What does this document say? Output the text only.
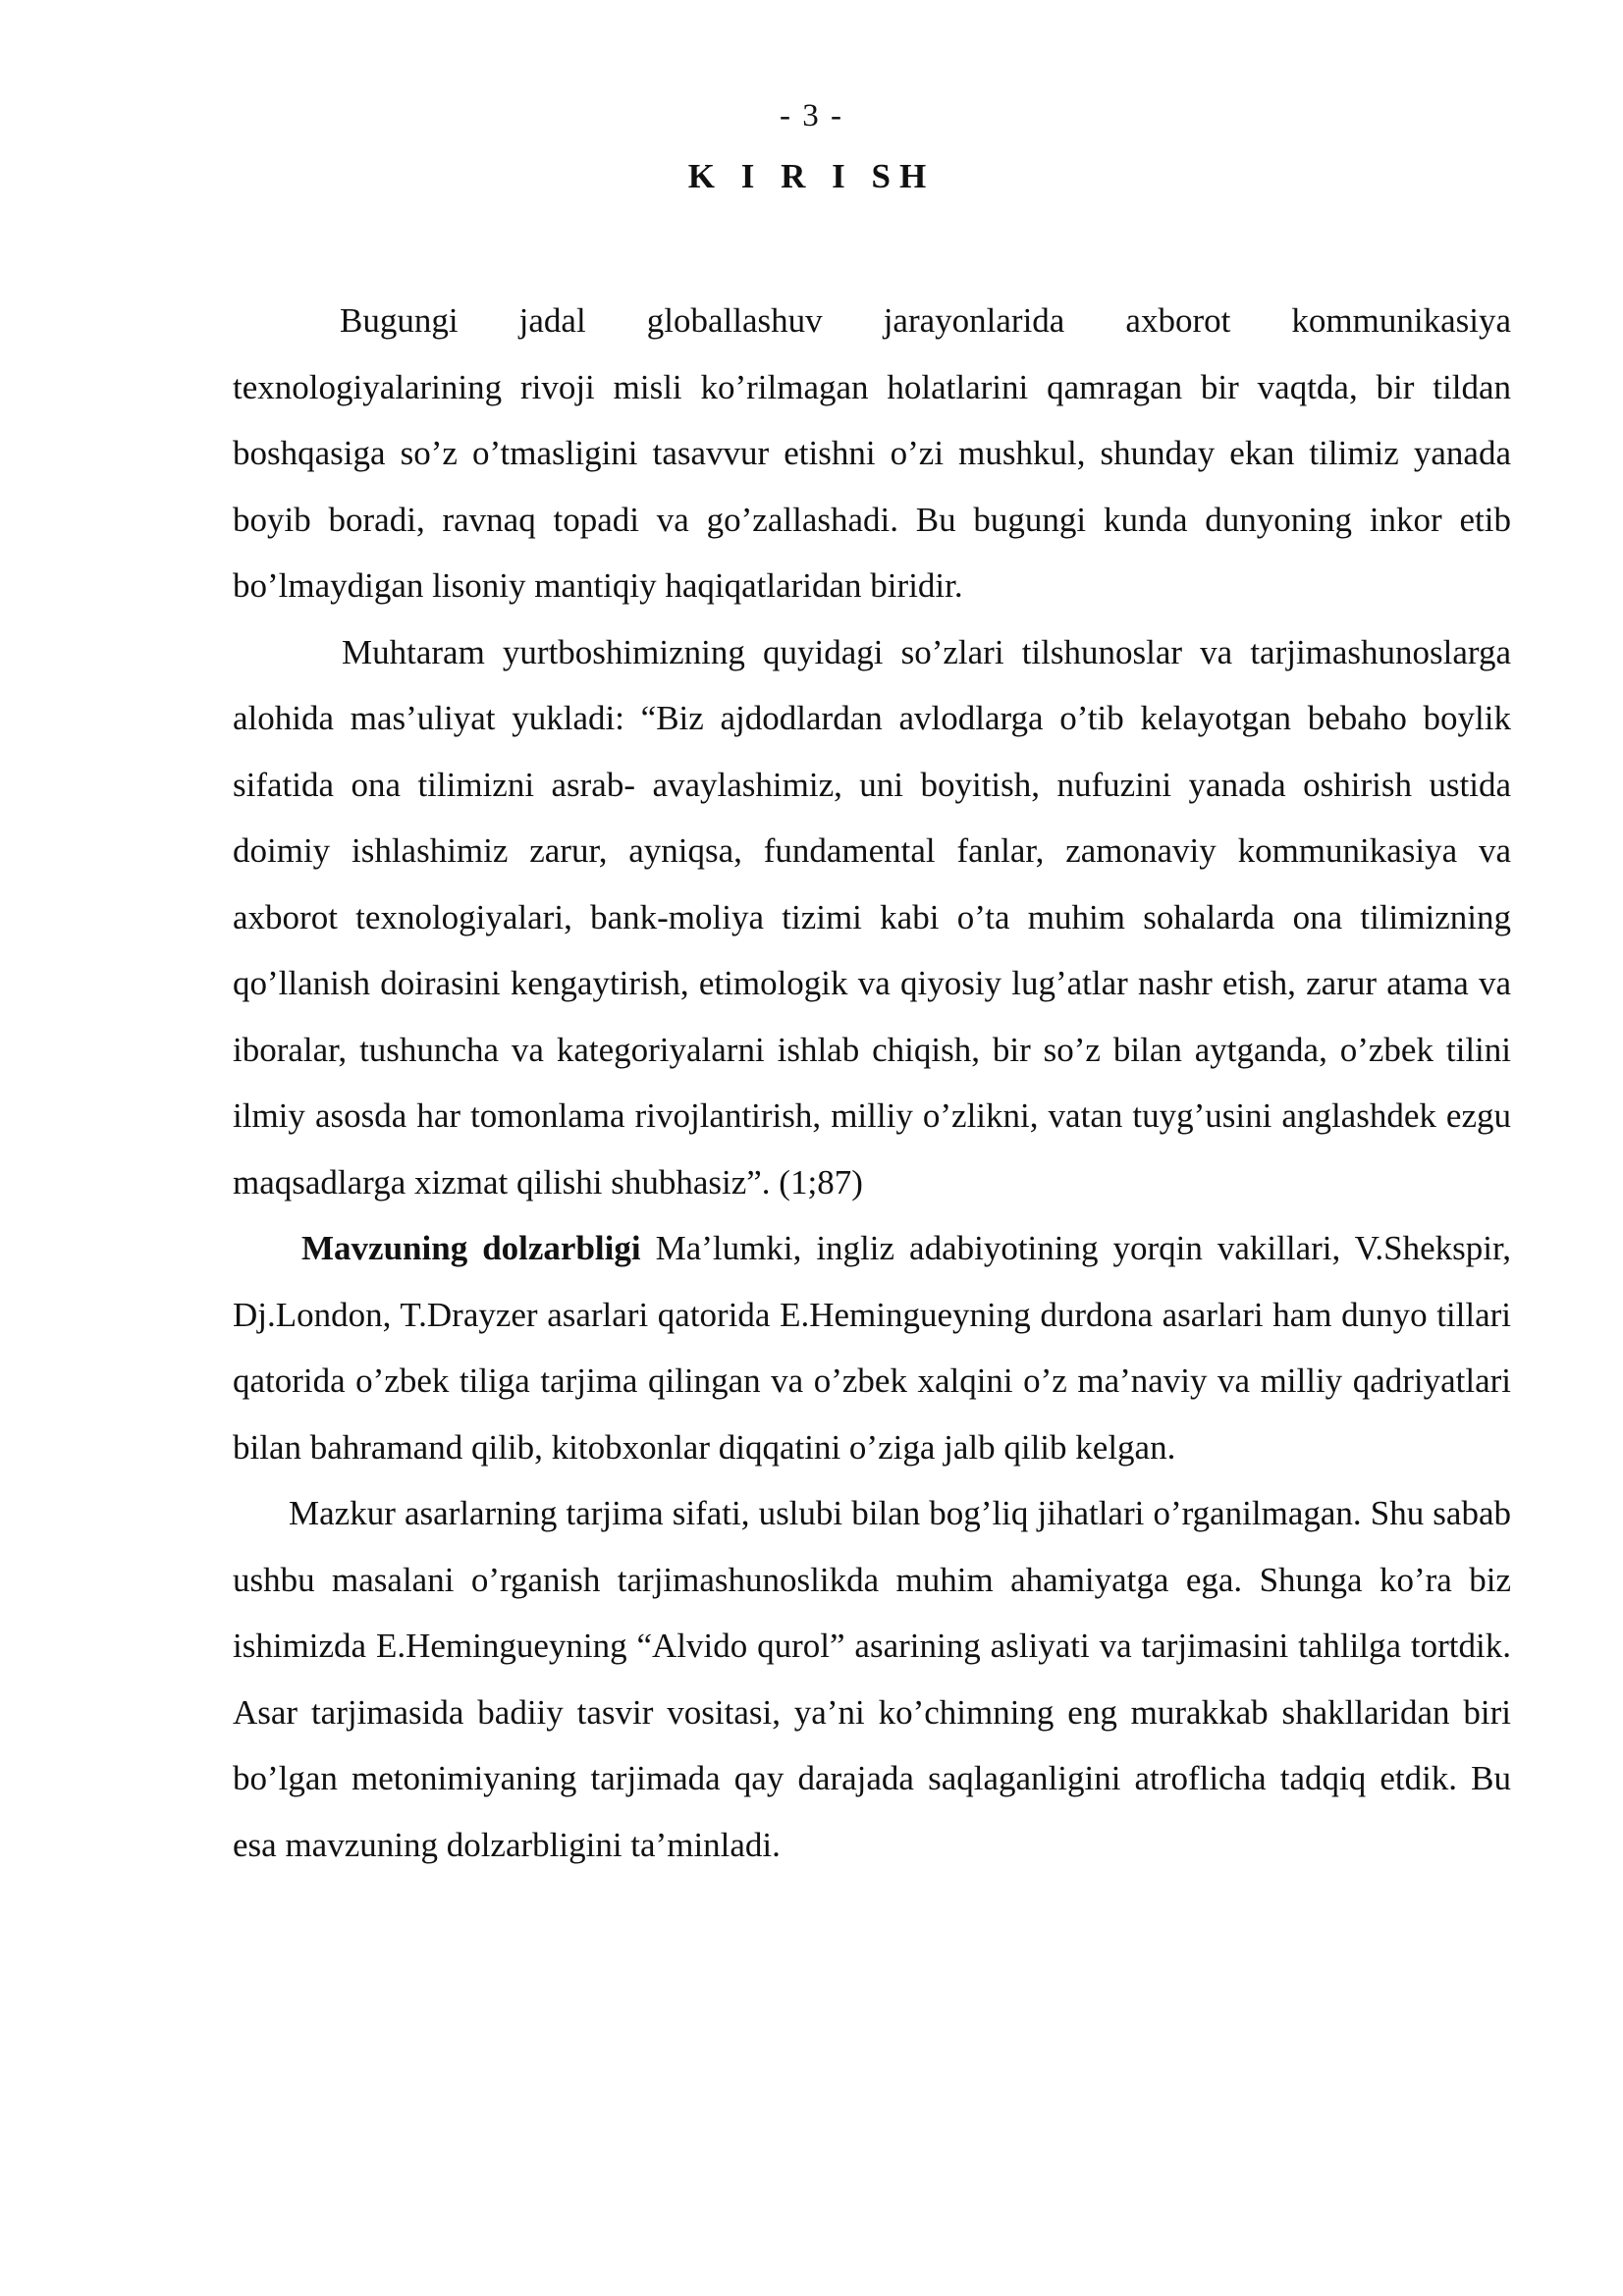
- 3 -
K I R I SH

Bugungi jadal globallashuv jarayonlarida axborot kommunikasiya texnologiyalarining rivoji misli ko’rilmagan holatlarini qamragan bir vaqtda, bir tildan boshqasiga so’z o’tmasligini tasavvur etishni o’zi mushkul, shunday ekan tilimiz yanada boyib boradi, ravnaq topadi va go’zallashadi. Bu bugungi kunda dunyoning inkor etib bo’lmaydigan lisoniy mantiqiy haqiqatlaridan biridir.

Muhtaram yurtboshimizning quyidagi so’zlari tilshunoslar va tarjimashunoslarga alohida mas’uliyat yukladi: “Biz ajdodlardan avlodlarga o’tib kelayotgan bebaho boylik sifatida ona tilimizni asrab- avaylashimiz, uni boyitish, nufuzini yanada oshirish ustida doimiy ishlashimiz zarur, ayniqsa, fundamental fanlar, zamonaviy kommunikasiya va axborot texnologiyalari, bank-moliya tizimi kabi o’ta muhim sohalarda ona tilimizning qo’llanish doirasini kengaytirish, etimologik va qiyosiy lug’atlar nashr etish, zarur atama va iboralar, tushuncha va kategoriyalarni ishlab chiqish, bir so’z bilan aytganda, o’zbek tilini ilmiy asosda har tomonlama rivojlantirish, milliy o’zlikni, vatan tuyg’usini anglashdek ezgu maqsadlarga xizmat qilishi shubhasiz”. (1;87)

Mavzuning dolzarbligi Ma’lumki, ingliz adabiyotining yorqin vakillari, V.Shekspir, Dj.London, T.Drayzer asarlari qatorida E.Hemingueyning durdona asarlari ham dunyo tillari qatorida o’zbek tiliga tarjima qilingan va o’zbek xalqini o’z ma’naviy va milliy qadriyatlari bilan bahramand qilib, kitobxonlar diqqatini o’ziga jalb qilib kelgan.

Mazkur asarlarning tarjima sifati, uslubi bilan bog’liq jihatlari o’rganilmagan. Shu sabab ushbu masalani o’rganish tarjimashunoslikda muhim ahamiyatga ega. Shunga ko’ra biz ishimizda E.Hemingueyning “Alvido qurol” asarining asliyati va tarjimasini tahlilga tortdik. Asar tarjimasida badiiy tasvir vositasi, ya’ni ko’chimning eng murakkab shakllaridan biri bo’lgan metonimiyaning tarjimada qay darajada saqlaganligini atroflicha tadqiq etdik. Bu esa mavzuning dolzarbligini ta’minladi.
